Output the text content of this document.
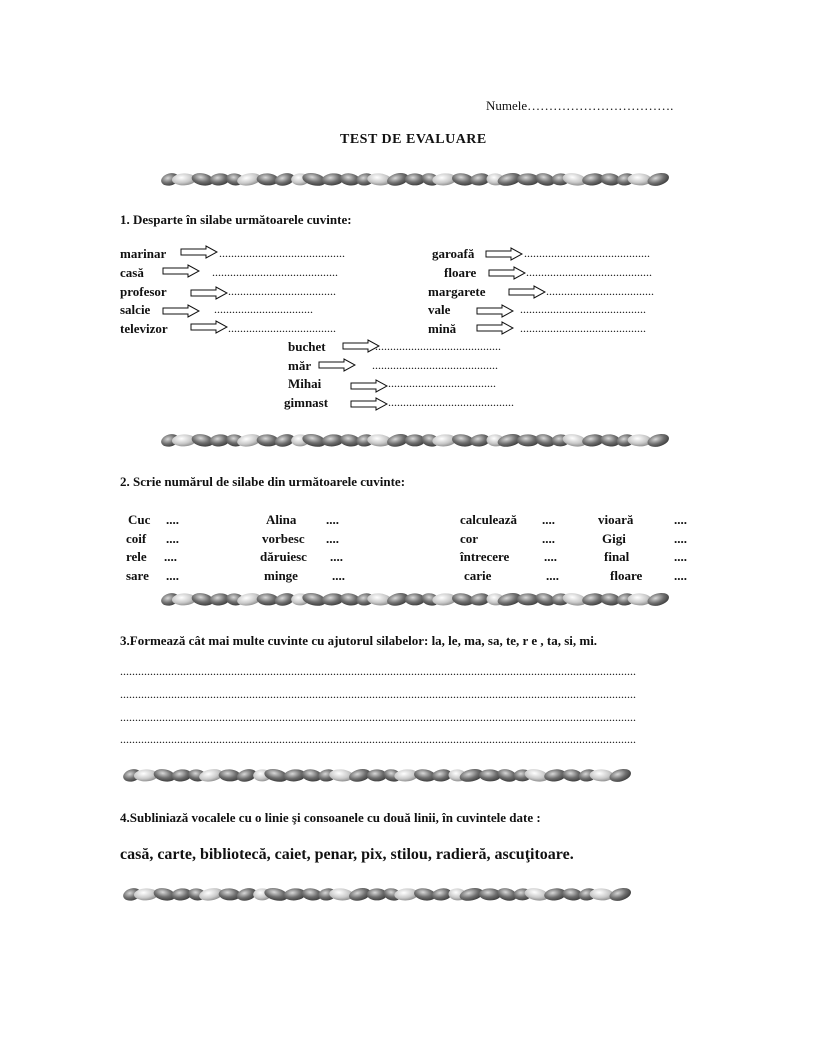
Numele…………………………….
TEST DE EVALUARE
1. Desparte în silabe următoarele cuvinte:
marinar
casă
profesor
salcie
televizor
..........................................
..........................................
....................................
.................................
....................................
garoafă
floare
margarete
vale
mină
..........................................
..........................................
....................................
..........................................
..........................................
buchet
măr
Mihai
gimnast
..........................................
..........................................
....................................
..........................................
2. Scrie numărul de silabe din următoarele cuvinte:
Cuc
coif
rele
sare
....
....
....
....
Alina
vorbesc
dăruiesc
minge
....
....
....
....
calculează
cor
întrecere
carie
....
....
....
....
vioară
Gigi
final
floare
....
....
....
....
3.Formează cât mai multe cuvinte cu ajutorul silabelor: la, le, ma, sa, te, r e , ta, si, mi.
............................................................................................................................................................................
............................................................................................................................................................................
............................................................................................................................................................................
............................................................................................................................................................................
4.Subliniază vocalele cu o linie şi consoanele cu două linii, în cuvintele date :
casă, carte, bibliotecă, caiet, penar, pix, stilou, radieră, ascuţitoare.
